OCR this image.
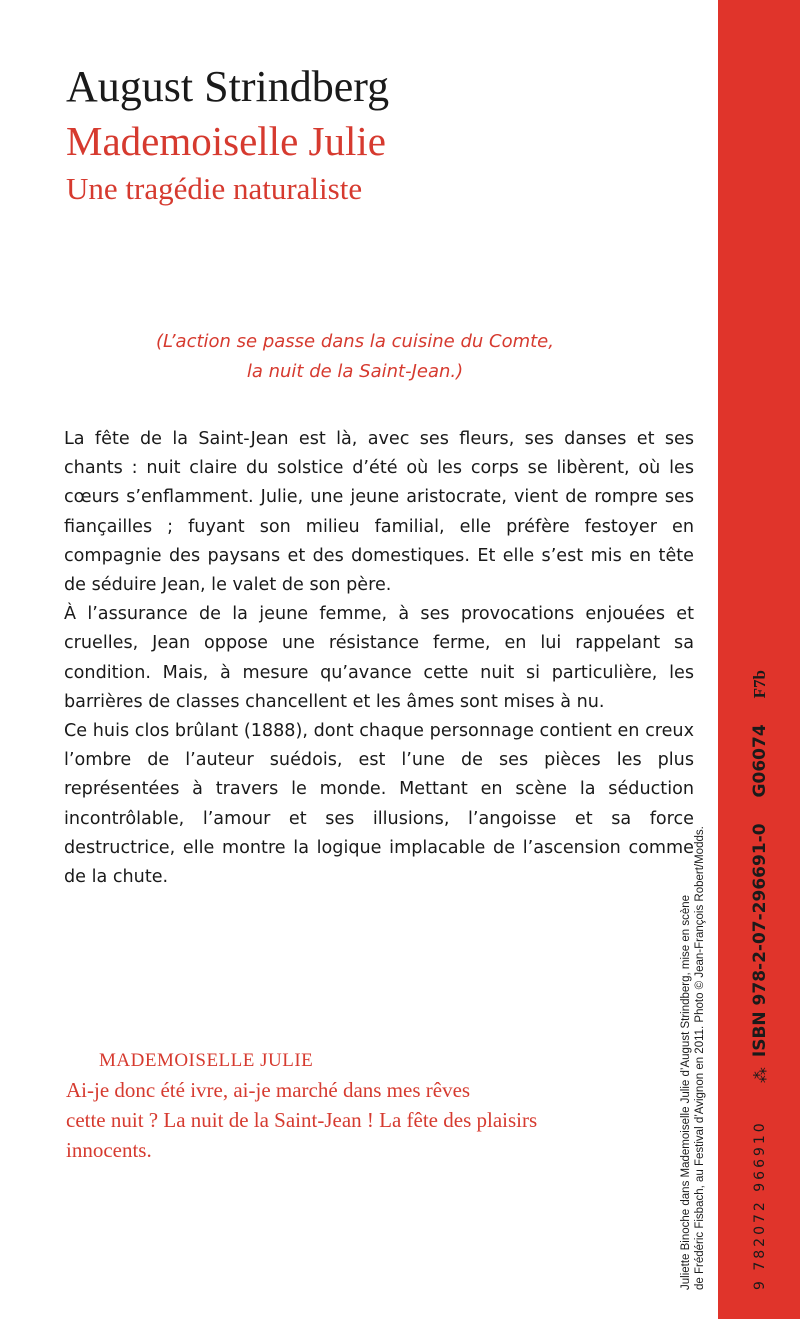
August Strindberg
Mademoiselle Julie
Une tragédie naturaliste
(L’action se passe dans la cuisine du Comte,
la nuit de la Saint-Jean.)

La fête de la Saint-Jean est là, avec ses fleurs, ses danses et ses chants : nuit claire du solstice d’été où les corps se libèrent, où les cœurs s’enflamment. Julie, une jeune aristocrate, vient de rompre ses fiançailles ; fuyant son milieu familial, elle préfère festoyer en compagnie des paysans et des domestiques. Et elle s’est mis en tête de séduire Jean, le valet de son père.

À l’assurance de la jeune femme, à ses provocations enjouées et cruelles, Jean oppose une résistance ferme, en lui rappelant sa condition. Mais, à mesure qu’avance cette nuit si particulière, les barrières de classes chancellent et les âmes sont mises à nu.

Ce huis clos brûlant (1888), dont chaque personnage contient en creux l’ombre de l’auteur suédois, est l’une de ses pièces les plus représentées à travers le monde. Mettant en scène la séduction incontrôlable, l’amour et ses illusions, l’angoisse et sa force destructrice, elle montre la logique implacable de l’ascension comme de la chute.

MADEMOISELLE JULIE
Ai-je donc été ivre, ai-je marché dans mes rêves
cette nuit ? La nuit de la Saint-Jean ! La fête des plaisirs
innocents.	Juliette Binoche dans Mademoiselle Julie d’August Strindberg, mise en scène de Frédéric Fisbach, au Festival d’Avignon en 2011. Photo © Jean-François Robert/Modds.	9 782072 966910
⁂
ISBN 978-2-07-296691-0
G06074
F7b
